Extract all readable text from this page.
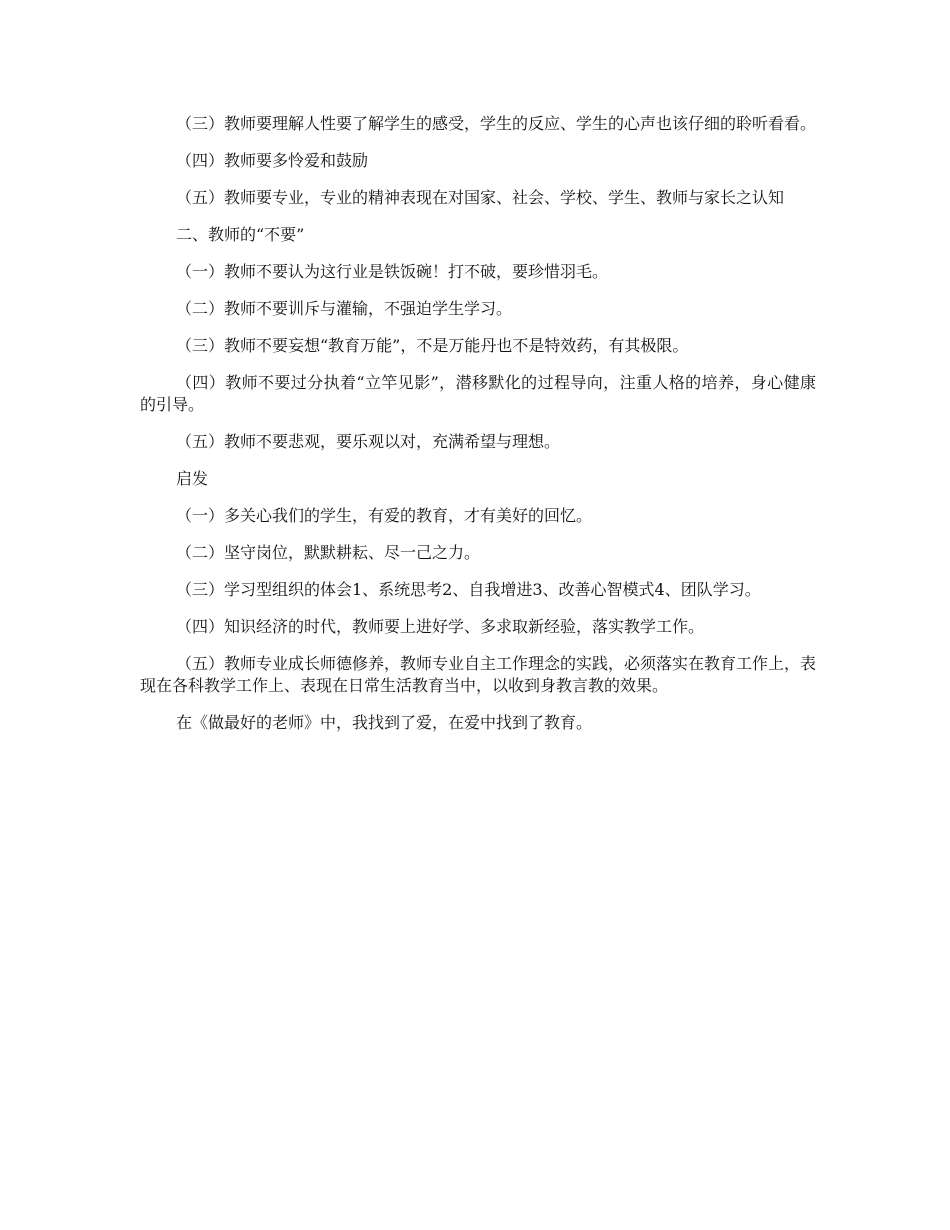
（三）教师要理解人性要了解学生的感受，学生的反应、学生的心声也该仔细的聆听看看。

（四）教师要多怜爱和鼓励

（五）教师要专业，专业的精神表现在对国家、社会、学校、学生、教师与家长之认知

二、教师的“不要”

（一）教师不要认为这行业是铁饭碗！打不破，要珍惜羽毛。

（二）教师不要训斥与灌输，不强迫学生学习。

（三）教师不要妄想“教育万能”，不是万能丹也不是特效药，有其极限。

（四）教师不要过分执着“立竿见影”，潜移默化的过程导向，注重人格的培养，身心健康的引导。

（五）教师不要悲观，要乐观以对，充满希望与理想。

启发

（一）多关心我们的学生，有爱的教育，才有美好的回忆。

（二）坚守岗位，默默耕耘、尽一己之力。

（三）学习型组织的体会1、系统思考2、自我增进3、改善心智模式4、团队学习。

（四）知识经济的时代，教师要上进好学、多求取新经验，落实教学工作。

（五）教师专业成长师德修养，教师专业自主工作理念的实践，必须落实在教育工作上，表现在各科教学工作上、表现在日常生活教育当中，以收到身教言教的效果。

在《做最好的老师》中，我找到了爱，在爱中找到了教育。
